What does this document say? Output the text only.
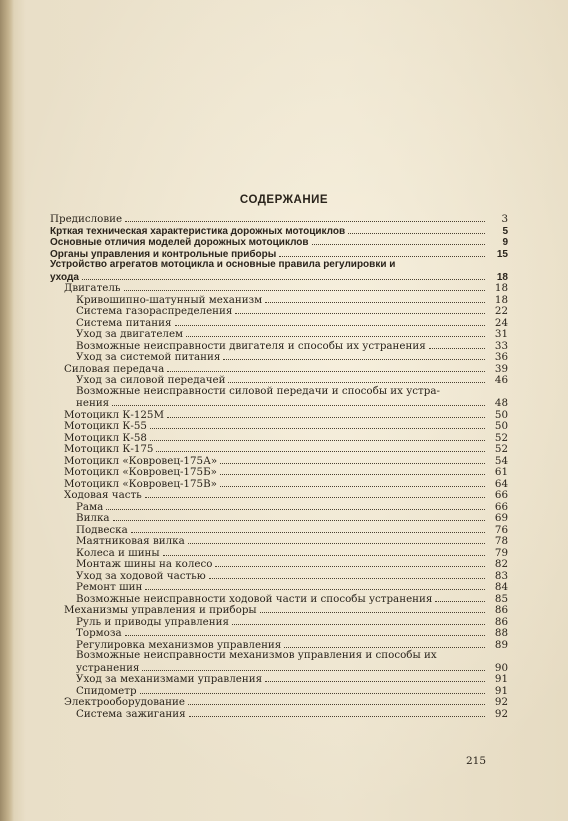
СОДЕРЖАНИЕ
Предисловие	3
Крткая техническая характеристика дорожных мотоциклов	5
Основные отличия моделей дорожных мотоциклов	9
Органы управления и контрольные приборы	15
Устройство агрегатов мотоцикла и основные правила регулировки и
ухода	18
Двигатель	18
Кривошипно-шатунный механизм	18
Система газораспределения	22
Система питания	24
Уход за двигателем	31
Возможные неисправности двигателя и способы их устранения	33
Уход за системой питания	36
Силовая передача	39
Уход за силовой передачей	46
Возможные неисправности силовой передачи и способы их устра-
нения	48
Мотоцикл К-125М	50
Мотоцикл К-55	50
Мотоцикл К-58	52
Мотоцикл К-175	52
Мотоцикл «Ковровец-175А»	54
Мотоцикл «Ковровец-175Б»	61
Мотоцикл «Ковровец-175В»	64
Ходовая часть	66
Рама	66
Вилка	69
Подвеска	76
Маятниковая вилка	78
Колеса и шины	79
Монтаж шины на колесо	82
Уход за ходовой частью	83
Ремонт шин	84
Возможные неисправности ходовой части и способы устранения	85
Механизмы управления и приборы	86
Руль и приводы управления	86
Тормоза	88
Регулировка механизмов управления	89
Возможные неисправности механизмов управления и способы их
устранения	90
Уход за механизмами управления	91
Спидометр	91
Электрооборудование	92
Система зажигания	92
215
